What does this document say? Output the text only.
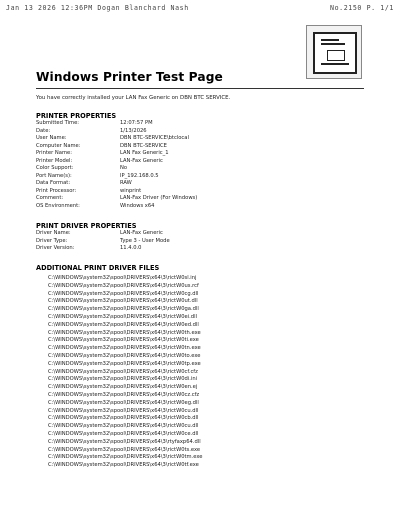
Jan 13 2026 12:36PM Dogan Blanchard Nash	No.2150 P. 1/1
Windows Printer Test Page
You have correctly installed your LAN Fax Generic on DBN BTC SERVICE.
PRINTER PROPERTIES
Submitted Time:	12:07:57 PM
Date:	1/13/2026
User Name:	DBN BTC-SERVICE\btclocal
Computer Name:	DBN BTC-SERVICE
Printer Name:	LAN Fax Generic_1
Printer Model:	LAN-Fax Generic
Color Support:	No
Port Name(s):	IP_192.168.0.5
Data Format:	RAW
Print Processor:	winprint
Comment:	LAN-Fax Driver (For Windows)
OS Environment:	Windows x64
PRINT DRIVER PROPERTIES
Driver Name:	LAN-Fax Generic
Driver Type:	Type 3 - User Mode
Driver Version:	11.4.0.0
ADDITIONAL PRINT DRIVER FILES
C:\WINDOWS\system32\spool\DRIVERS\x64\3\rictW0sl.inj
C:\WINDOWS\system32\spool\DRIVERS\x64\3\rictW0us.rcf
C:\WINDOWS\system32\spool\DRIVERS\x64\3\rictW0cg.dll
C:\WINDOWS\system32\spool\DRIVERS\x64\3\rictW0ut.dll
C:\WINDOWS\system32\spool\DRIVERS\x64\3\rictW0ga.dll
C:\WINDOWS\system32\spool\DRIVERS\x64\3\rictW0ei.dll
C:\WINDOWS\system32\spool\DRIVERS\x64\3\rictW0ed.dll
C:\WINDOWS\system32\spool\DRIVERS\x64\3\rictW0th.exe
C:\WINDOWS\system32\spool\DRIVERS\x64\3\rictW0ti.exe
C:\WINDOWS\system32\spool\DRIVERS\x64\3\rictW0tn.exe
C:\WINDOWS\system32\spool\DRIVERS\x64\3\rictW0to.exe
C:\WINDOWS\system32\spool\DRIVERS\x64\3\rictW0tp.exe
C:\WINDOWS\system32\spool\DRIVERS\x64\3\rictW0cf.cfz
C:\WINDOWS\system32\spool\DRIVERS\x64\3\rictW0di.ini
C:\WINDOWS\system32\spool\DRIVERS\x64\3\rictW0en.ej
C:\WINDOWS\system32\spool\DRIVERS\x64\3\rictW0cz.cfz
C:\WINDOWS\system32\spool\DRIVERS\x64\3\rictW0eg.dll
C:\WINDOWS\system32\spool\DRIVERS\x64\3\rictW0cu.dll
C:\WINDOWS\system32\spool\DRIVERS\x64\3\rictW0cb.dll
C:\WINDOWS\system32\spool\DRIVERS\x64\3\rictW0cu.dll
C:\WINDOWS\system32\spool\DRIVERS\x64\3\rictW0ce.dll
C:\WINDOWS\system32\spool\DRIVERS\x64\3\rtyfaxp64.dll
C:\WINDOWS\system32\spool\DRIVERS\x64\3\rictW0ts.exe
C:\WINDOWS\system32\spool\DRIVERS\x64\3\rictW0tm.exe
C:\WINDOWS\system32\spool\DRIVERS\x64\3\rictW0tf.exe
